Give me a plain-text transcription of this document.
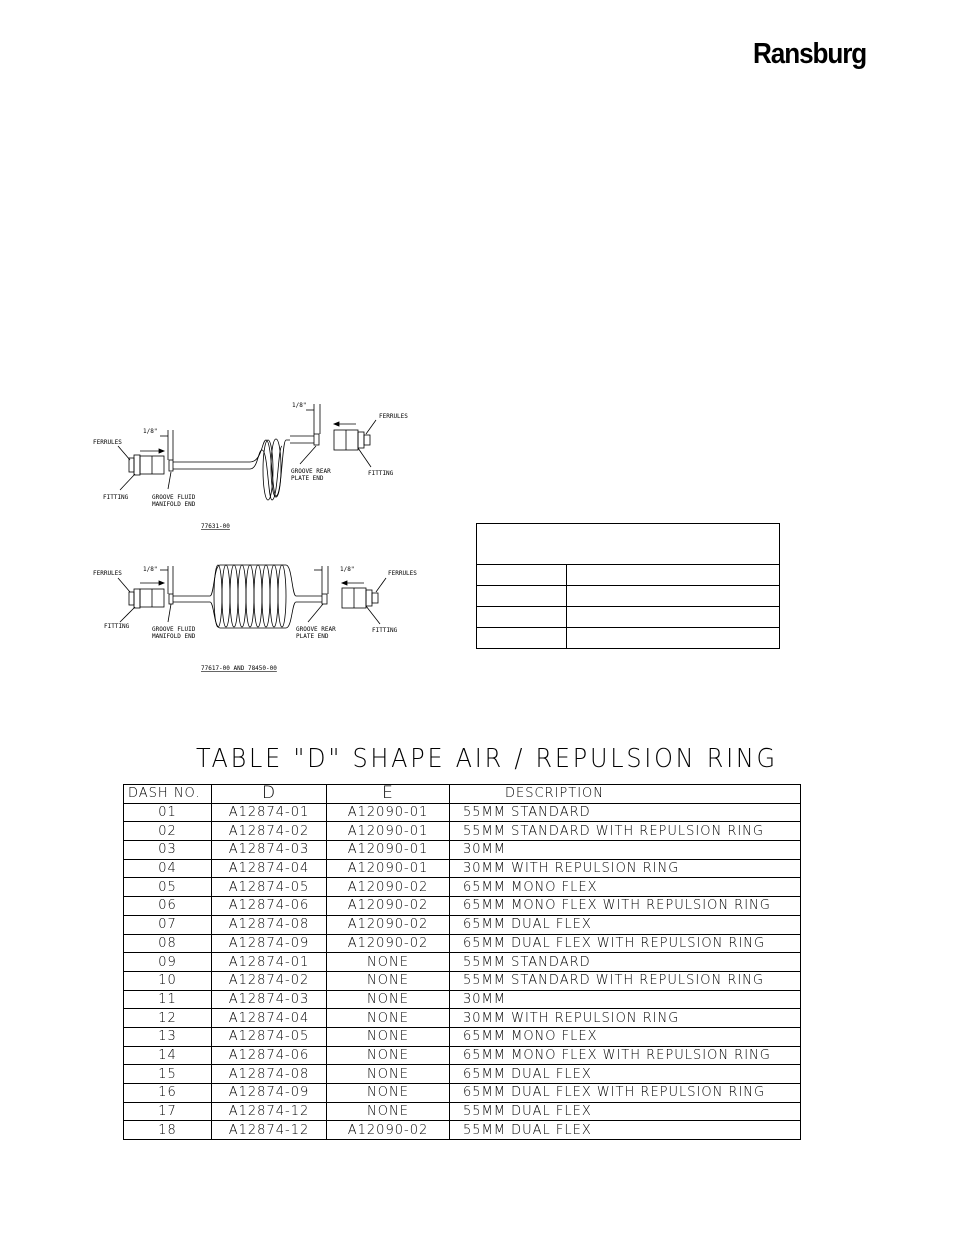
Ransburg
1/8"
1/8"
FERRULES
FERRULES
FITTING
FITTING
GROOVE FLUID
MANIFOLD END
GROOVE REAR
PLATE END
77631-00
1/8"	1/8"
FERRULES	FERRULES
FITTING
FITTING
GROOVE FLUID
MANIFOLD END
GROOVE REAR
PLATE END
77617-00 AND 78450-00

TABLE "D" SHAPE AIR / REPULSION RING
DASH NO.	D	E	DESCRIPTION
01	A12874-01	A12090-01	55MM STANDARD
02	A12874-02	A12090-01	55MM STANDARD WITH REPULSION RING
03	A12874-03	A12090-01	30MM
04	A12874-04	A12090-01	30MM WITH REPULSION RING
05	A12874-05	A12090-02	65MM MONO FLEX
06	A12874-06	A12090-02	65MM MONO FLEX WITH REPULSION RING
07	A12874-08	A12090-02	65MM DUAL FLEX
08	A12874-09	A12090-02	65MM DUAL FLEX WITH REPULSION RING
09	A12874-01	NONE	55MM STANDARD
10	A12874-02	NONE	55MM STANDARD WITH REPULSION RING
11	A12874-03	NONE	30MM
12	A12874-04	NONE	30MM WITH REPULSION RING
13	A12874-05	NONE	65MM MONO FLEX
14	A12874-06	NONE	65MM MONO FLEX WITH REPULSION RING
15	A12874-08	NONE	65MM DUAL FLEX
16	A12874-09	NONE	65MM DUAL FLEX WITH REPULSION RING
17	A12874-12	NONE	55MM DUAL FLEX
18	A12874-12	A12090-02	55MM DUAL FLEX
